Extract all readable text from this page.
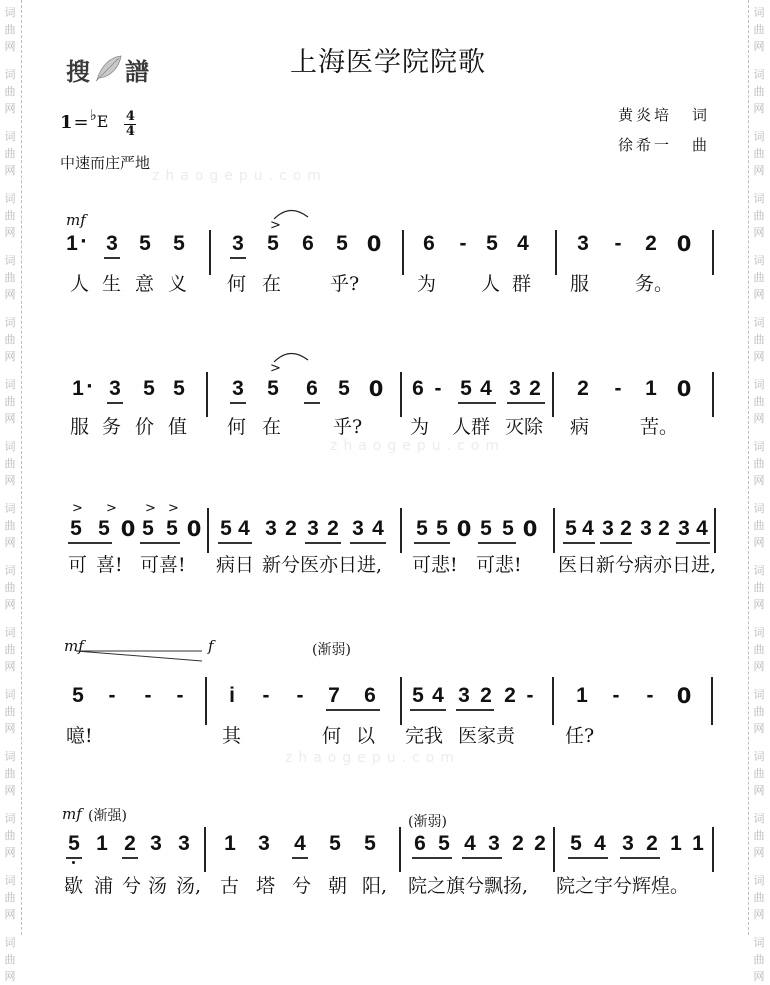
词
曲
网
词
曲
网
词
曲
网
词
曲
网
词
曲
网
词
曲
网
词
曲
网
词
曲
网
词
曲
网
词
曲
网
词
曲
网
词
曲
网
词
曲
网
词
曲
网
词
曲
网
词
曲
网
词
曲
网
词
曲
网
词
曲
网
词
曲
网
词
曲
网
词
曲
网
词
曲
网
词
曲
网
词
曲
网
词
曲
网
词
曲
网
词
曲
网
词
曲
网
词
曲
网
词
曲
网
词
曲
网
zhaogepu.com
zhaogepu.com
zhaogepu.com
搜 譜	上海医学院院歌
黄炎培 词
徐希一 曲
1 = ♭ E 4
4
中速而庄严地
mf
1 · 3 5 5 3
>
5 6 5 0 6 - 5 4 3 - 2 0
人 生 意 义 何 在	乎?	为 人 群 服 务。
1 · 3 5 5 3
>
5 6 5 0 6 - 5 4 3 2 2 - 1 0
服 务 价 值 何 在	乎?	为 人群 灭除 病	苦。
> > > >
5 5 0 5 5 0 5 4 3 2 3 2 3 4 5 5 0 5 5 0 5 4 3 2 3 2 3 4
可 喜! 可喜! 病日 新兮医亦日进, 可悲! 可悲! 医日新兮病亦日进,
mf	f	(渐弱)
5 - - - i - - 7 6 5 4 3 2 2 - 1 - - 0
噫!	其	何 以 完我 医家责	任?
mf (渐强)	(渐弱)
5 1 2 3 3 1 3 4 5 5 6 5 4 3 2 2 5 4 3 2 1 1
歇 浦 兮 汤 汤, 古 塔 兮 朝 阳, 院之旗兮飘扬, 院之宇兮辉煌。
